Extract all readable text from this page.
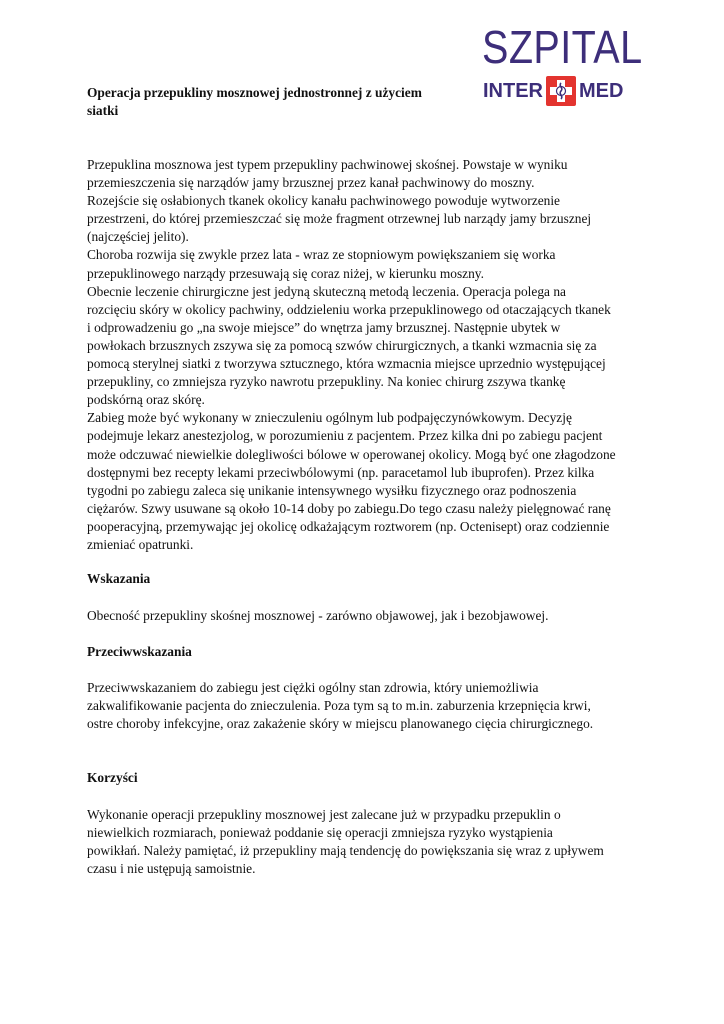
SZPITAL
INTER MED
Operacja przepukliny mosznowej jednostronnej z użyciem
siatki

Przepuklina mosznowa jest typem przepukliny pachwinowej skośnej. Powstaje w wyniku

przemieszczenia się narządów jamy brzusznej przez kanał pachwinowy do moszny.

Rozejście się osłabionych tkanek okolicy kanału pachwinowego powoduje wytworzenie

przestrzeni, do której przemieszczać się może fragment otrzewnej lub narządy jamy brzusznej

(najczęściej jelito).

Choroba rozwija się zwykle przez lata - wraz ze stopniowym powiększaniem się worka

przepuklinowego narządy przesuwają się coraz niżej, w kierunku moszny.

Obecnie leczenie chirurgiczne jest jedyną skuteczną metodą leczenia. Operacja polega na

rozcięciu skóry w okolicy pachwiny, oddzieleniu worka przepuklinowego od otaczających tkanek

i odprowadzeniu go „na swoje miejsce” do wnętrza jamy brzusznej. Następnie ubytek w

powłokach brzusznych zszywa się za pomocą szwów chirurgicznych, a tkanki wzmacnia się za

pomocą sterylnej siatki z tworzywa sztucznego, która wzmacnia miejsce uprzednio występującej

przepukliny, co zmniejsza ryzyko nawrotu przepukliny. Na koniec chirurg zszywa tkankę

podskórną oraz skórę.

Zabieg może być wykonany w znieczuleniu ogólnym lub podpajęczynówkowym. Decyzję

podejmuje lekarz anestezjolog, w porozumieniu z pacjentem. Przez kilka dni po zabiegu pacjent

może odczuwać niewielkie dolegliwości bólowe w operowanej okolicy. Mogą być one złagodzone

dostępnymi bez recepty lekami przeciwbólowymi (np. paracetamol lub ibuprofen). Przez kilka

tygodni po zabiegu zaleca się unikanie intensywnego wysiłku fizycznego oraz podnoszenia

ciężarów. Szwy usuwane są około 10-14 doby po zabiegu.Do tego czasu należy pielęgnować ranę

pooperacyjną, przemywając jej okolicę odkażającym roztworem (np. Octenisept) oraz codziennie

zmieniać opatrunki.

Wskazania
Obecność przepukliny skośnej mosznowej - zarówno objawowej, jak i bezobjawowej.
Przeciwwskazania
Przeciwwskazaniem do zabiegu jest ciężki ogólny stan zdrowia, który uniemożliwia
zakwalifikowanie pacjenta do znieczulenia. Poza tym są to m.in. zaburzenia krzepnięcia krwi,
ostre choroby infekcyjne, oraz zakażenie skóry w miejscu planowanego cięcia chirurgicznego.
Korzyści
Wykonanie operacji przepukliny mosznowej jest zalecane już w przypadku przepuklin o
niewielkich rozmiarach, ponieważ poddanie się operacji zmniejsza ryzyko wystąpienia
powikłań. Należy pamiętać, iż przepukliny mają tendencję do powiększania się wraz z upływem
czasu i nie ustępują samoistnie.
